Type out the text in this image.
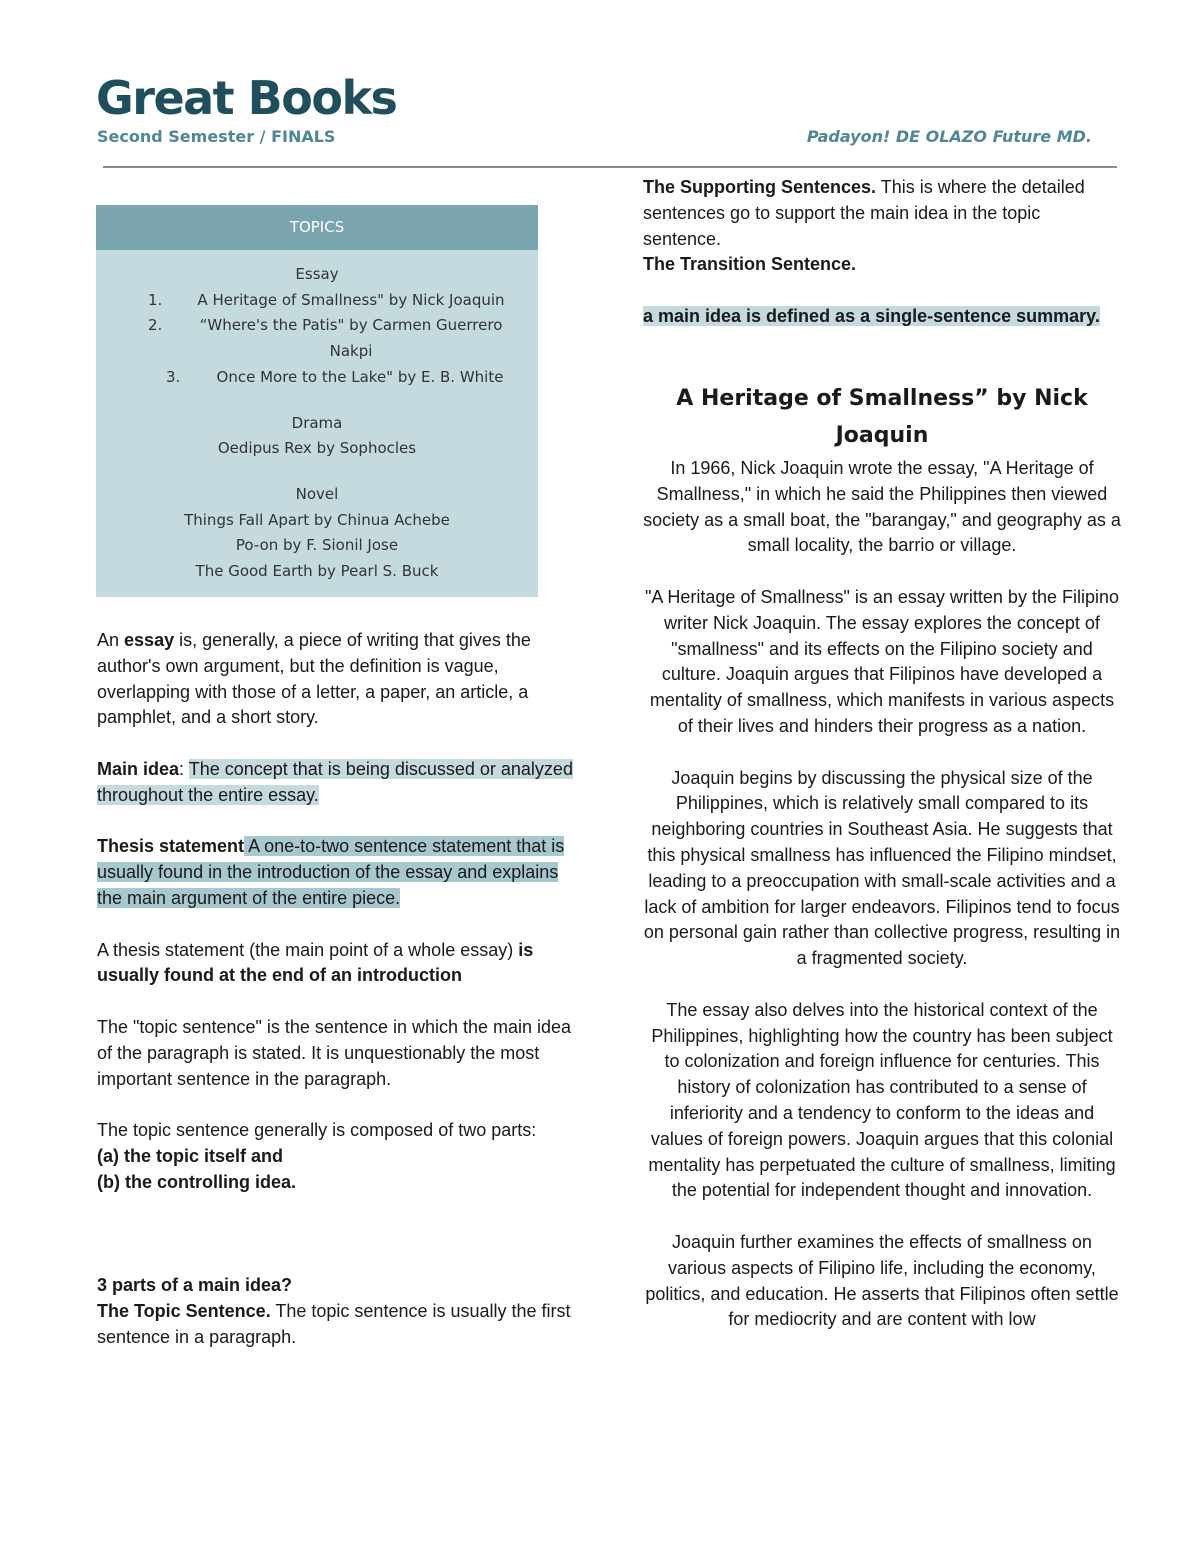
Great Books
Second Semester / FINALS	Padayon! DE OLAZO Future MD.
TOPICS
Essay
1.	A Heritage of Smallness" by Nick Joaquin
2.	“Where's the Patis" by Carmen Guerrero Nakpi
3.	Once More to the Lake" by E. B. White
Drama
Oedipus Rex by Sophocles
Novel
Things Fall Apart by Chinua Achebe
Po-on by F. Sionil Jose
The Good Earth by Pearl S. Buck

An essay is, generally, a piece of writing that gives the author's own argument, but the definition is vague, overlapping with those of a letter, a paper, an article, a pamphlet, and a short story.

Main idea: The concept that is being discussed or analyzed throughout the entire essay.

Thesis statement A one-to-two sentence statement that is usually found in the introduction of the essay and explains the main argument of the entire piece.

A thesis statement (the main point of a whole essay) is usually found at the end of an introduction

The "topic sentence" is the sentence in which the main idea of the paragraph is stated. It is unquestionably the most important sentence in the paragraph.

The topic sentence generally is composed of two parts:

(a) the topic itself and

(b) the controlling idea.

3 parts of a main idea?

The Topic Sentence. The topic sentence is usually the first sentence in a paragraph.

The Supporting Sentences. This is where the detailed sentences go to support the main idea in the topic sentence.

The Transition Sentence.

a main idea is defined as a single-sentence summary.

A Heritage of Smallness” by Nick Joaquin

In 1966, Nick Joaquin wrote the essay, "A Heritage of Smallness," in which he said the Philippines then viewed society as a small boat, the "barangay," and geography as a small locality, the barrio or village.

"A Heritage of Smallness" is an essay written by the Filipino writer Nick Joaquin. The essay explores the concept of "smallness" and its effects on the Filipino society and culture. Joaquin argues that Filipinos have developed a mentality of smallness, which manifests in various aspects of their lives and hinders their progress as a nation.

Joaquin begins by discussing the physical size of the Philippines, which is relatively small compared to its neighboring countries in Southeast Asia. He suggests that this physical smallness has influenced the Filipino mindset, leading to a preoccupation with small-scale activities and a lack of ambition for larger endeavors. Filipinos tend to focus on personal gain rather than collective progress, resulting in a fragmented society.

The essay also delves into the historical context of the Philippines, highlighting how the country has been subject to colonization and foreign influence for centuries. This history of colonization has contributed to a sense of inferiority and a tendency to conform to the ideas and values of foreign powers. Joaquin argues that this colonial mentality has perpetuated the culture of smallness, limiting the potential for independent thought and innovation.

Joaquin further examines the effects of smallness on various aspects of Filipino life, including the economy, politics, and education. He asserts that Filipinos often settle for mediocrity and are content with low
